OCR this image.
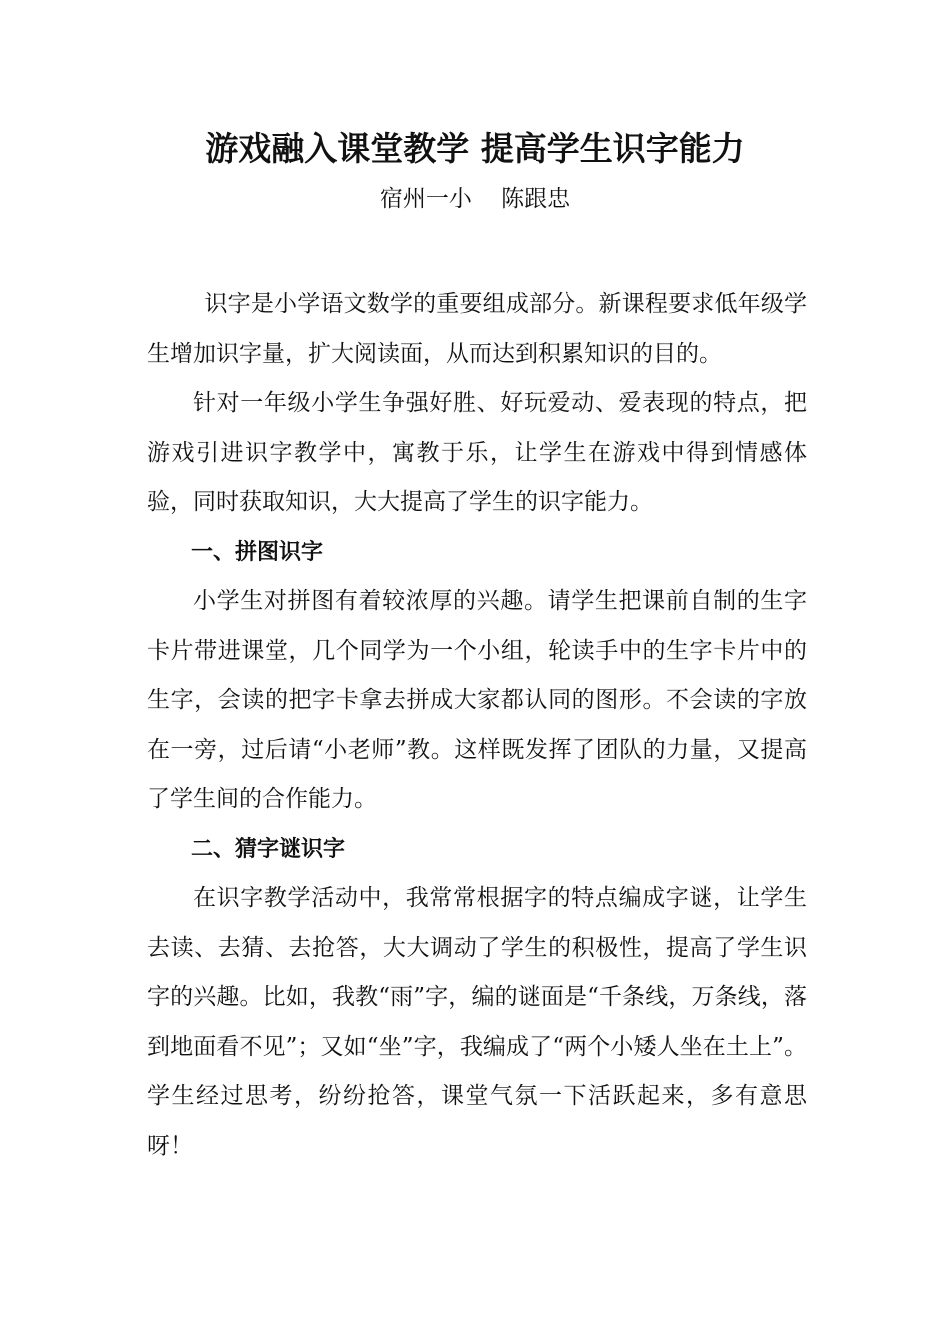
游戏融入课堂教学 提高学生识字能力
宿州一小    陈跟忠

识字是小学语文数学的重要组成部分。新课程要求低年级学生增加识字量，扩大阅读面，从而达到积累知识的目的。

针对一年级小学生争强好胜、好玩爱动、爱表现的特点，把游戏引进识字教学中，寓教于乐，让学生在游戏中得到情感体验，同时获取知识，大大提高了学生的识字能力。

一、拼图识字

小学生对拼图有着较浓厚的兴趣。请学生把课前自制的生字卡片带进课堂，几个同学为一个小组，轮读手中的生字卡片中的生字，会读的把字卡拿去拼成大家都认同的图形。不会读的字放在一旁，过后请“小老师”教。这样既发挥了团队的力量，又提高了学生间的合作能力。

二、猜字谜识字

在识字教学活动中，我常常根据字的特点编成字谜，让学生去读、去猜、去抢答，大大调动了学生的积极性，提高了学生识字的兴趣。比如，我教“雨”字，编的谜面是“千条线，万条线，落到地面看不见”；又如“坐”字，我编成了“两个小矮人坐在土上”。学生经过思考，纷纷抢答，课堂气氛一下活跃起来，多有意思呀！
